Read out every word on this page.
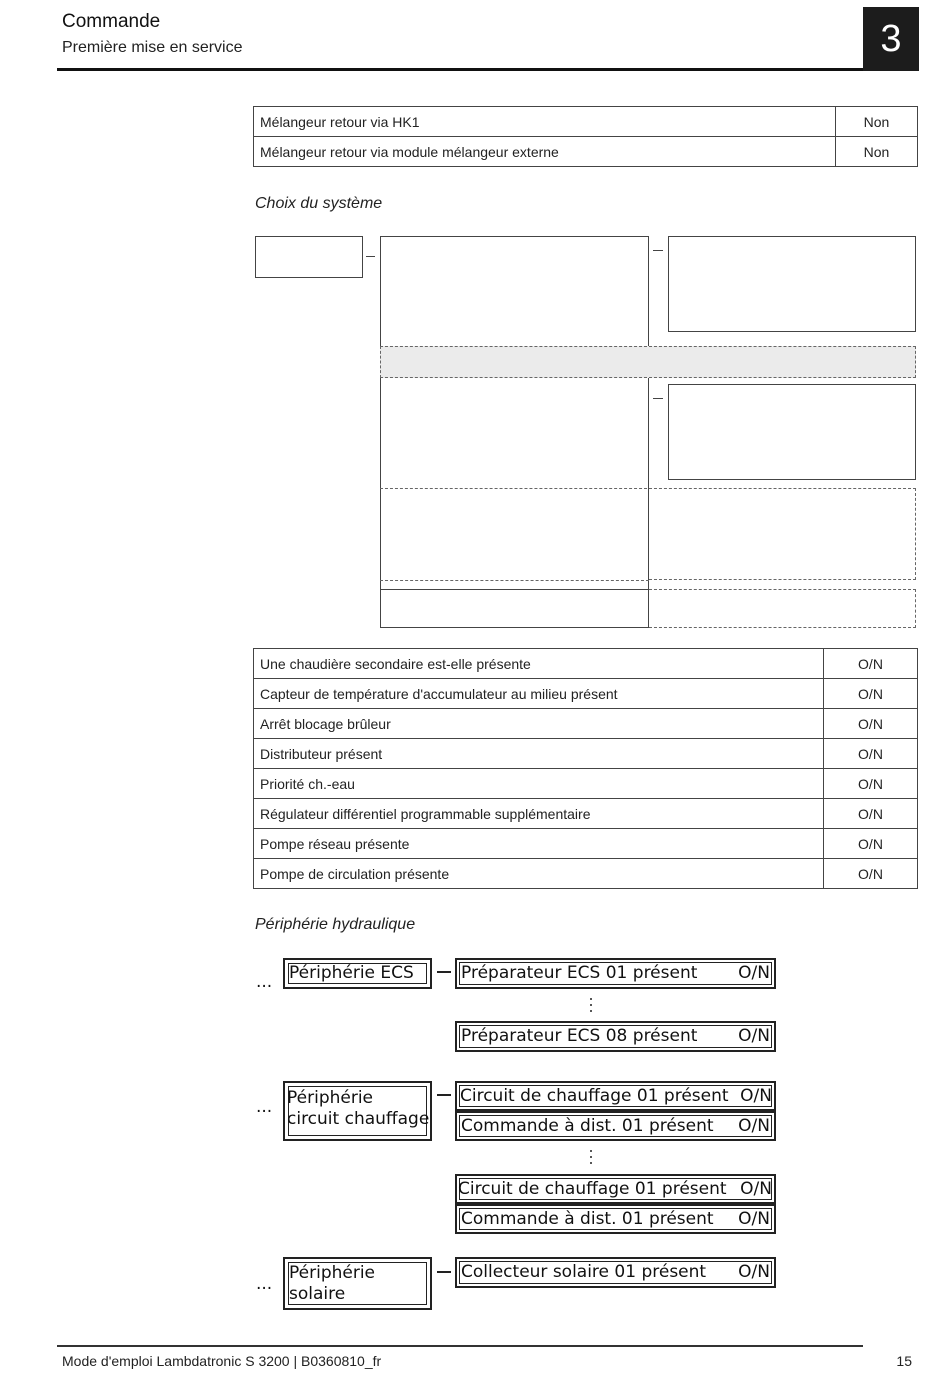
Commande
Première mise en service	3
Mélangeur retour via HK1	Non
Mélangeur retour via module mélangeur externe	Non
Choix du système
Une chaudière secondaire est-elle présente	O/N
Capteur de température d'accumulateur au milieu présent	O/N
Arrêt blocage brûleur	O/N
Distributeur présent	O/N
Priorité ch.-eau	O/N
Régulateur différentiel programmable supplémentaire	O/N
Pompe réseau présente	O/N
Pompe de circulation présente	O/N
Périphérie hydraulique
... Périphérie ECS	Préparateur ECS 01 présent O/N
Préparateur ECS 08 présent O/N
... Périphérie
circuit chauffage
Circuit de chauffage 01 présent O/N
Commande à dist. 01 présent O/N
Circuit de chauffage 01 présent O/N
Commande à dist. 01 présent O/N
...
Périphérie
solaire
Collecteur solaire 01 présent O/N
Mode d'emploi Lambdatronic S 3200 | B0360810_fr	15
